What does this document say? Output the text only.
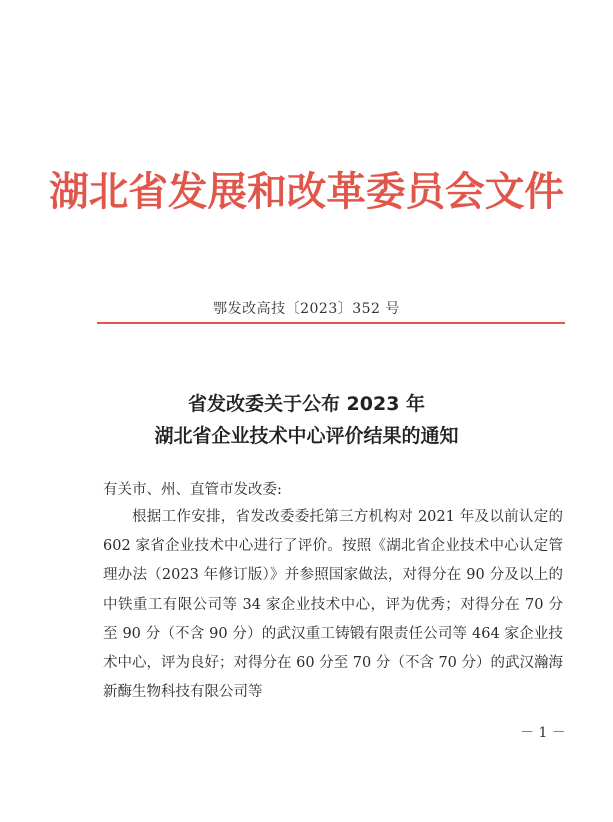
湖北省发展和改革委员会文件
鄂发改高技〔2023〕352 号
省发改委关于公布 2023 年
湖北省企业技术中心评价结果的通知
有关市、州、直管市发改委:
根据工作安排，省发改委委托第三方机构对 2021 年及以前认定的 602 家省企业技术中心进行了评价。按照《湖北省企业技术中心认定管理办法（2023 年修订版）》并参照国家做法，对得分在 90 分及以上的中铁重工有限公司等 34 家企业技术中心，评为优秀；对得分在 70 分至 90 分（不含 90 分）的武汉重工铸锻有限责任公司等 464 家企业技术中心，评为良好；对得分在 60 分至 70 分（不含 70 分）的武汉瀚海新酶生物科技有限公司等
－ 1 －
